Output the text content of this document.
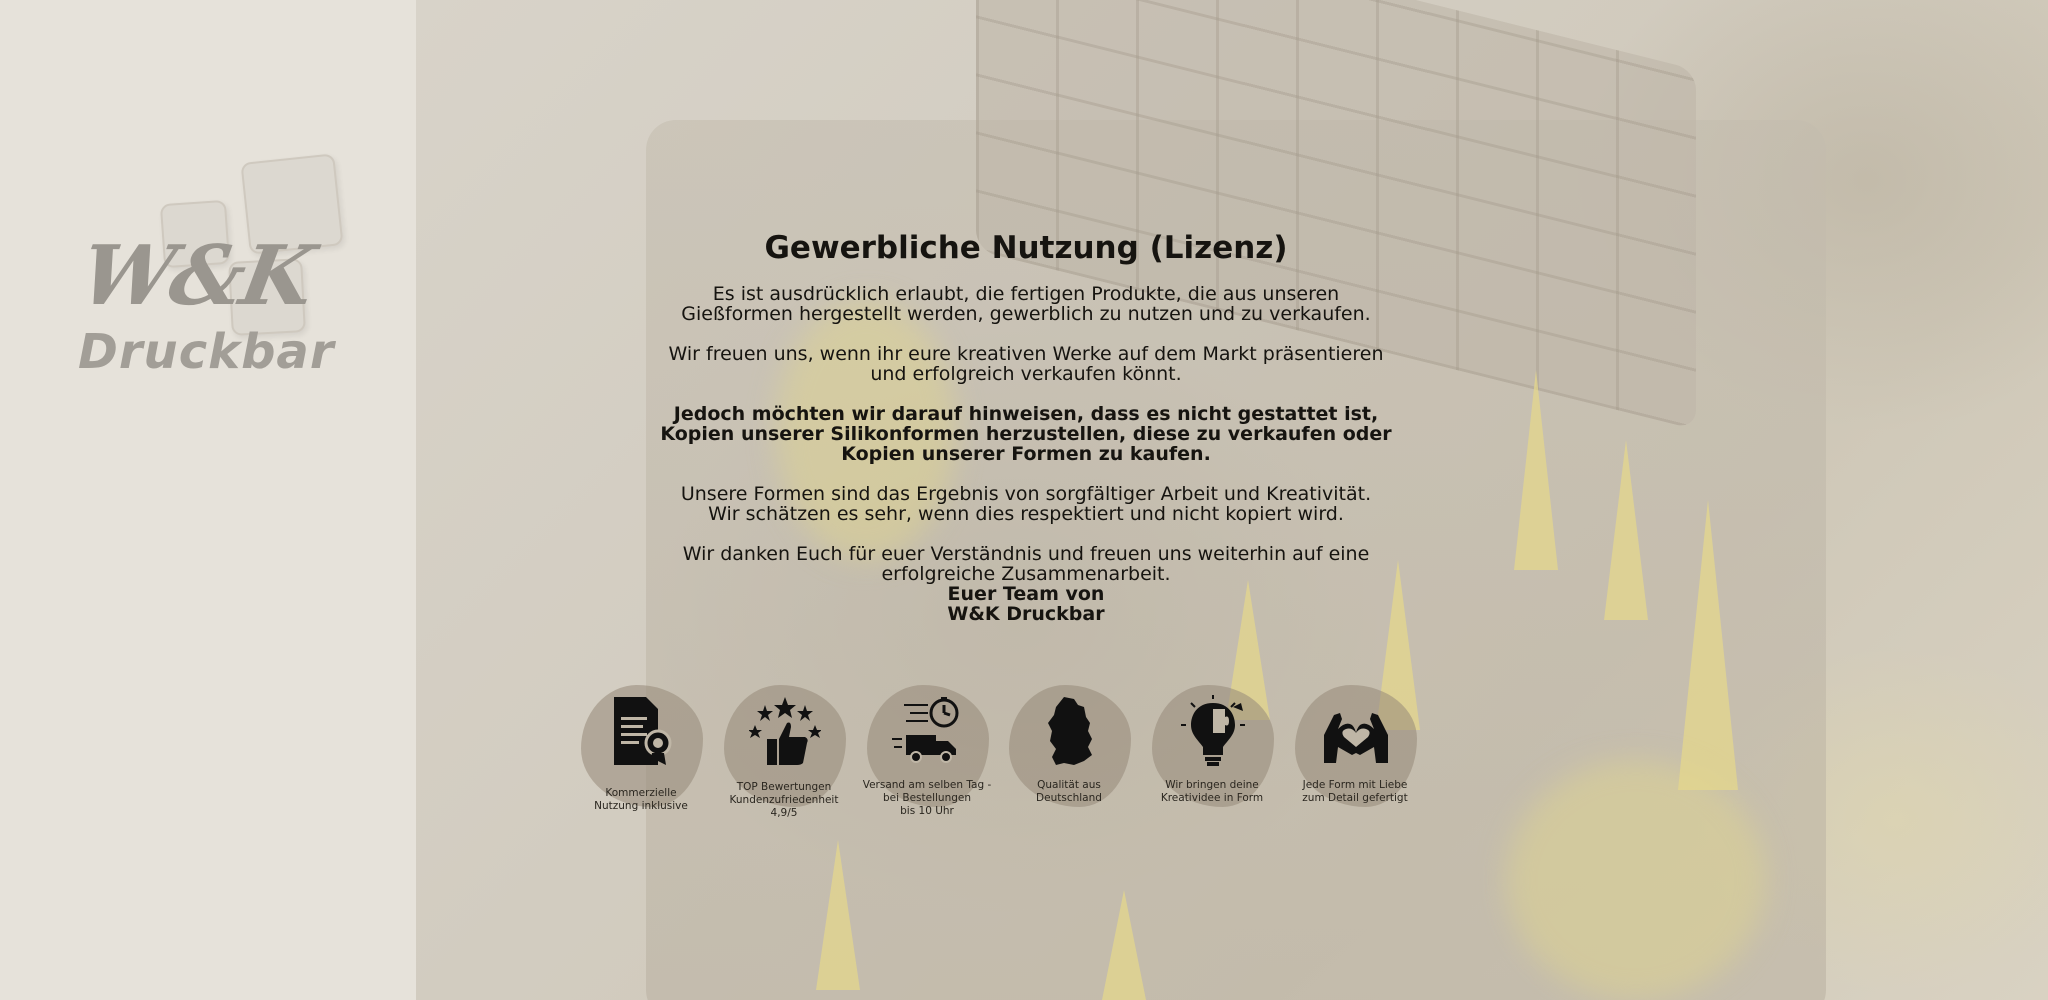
W&K
Druckbar
Gewerbliche Nutzung (Lizenz)

Es ist ausdrücklich erlaubt, die fertigen Produkte, die aus unseren
Gießformen hergestellt werden, gewerblich zu nutzen und zu verkaufen.

Wir freuen uns, wenn ihr eure kreativen Werke auf dem Markt präsentieren
und erfolgreich verkaufen könnt.

Jedoch möchten wir darauf hinweisen, dass es nicht gestattet ist,
Kopien unserer Silikonformen herzustellen, diese zu verkaufen oder
Kopien unserer Formen zu kaufen.

Unsere Formen sind das Ergebnis von sorgfältiger Arbeit und Kreativität.
Wir schätzen es sehr, wenn dies respektiert und nicht kopiert wird.

Wir danken Euch für euer Verständnis und freuen uns weiterhin auf eine
erfolgreiche Zusammenarbeit.

Euer Team von
W&K Druckbar
Kommerzielle
Nutzung inklusive
TOP Bewertungen
Kundenzufriedenheit
4,9/5
Versand am selben Tag -
bei Bestellungen
bis 10 Uhr
Qualität aus
Deutschland
Wir bringen deine
Kreatividee in Form
Jede Form mit Liebe
zum Detail gefertigt
